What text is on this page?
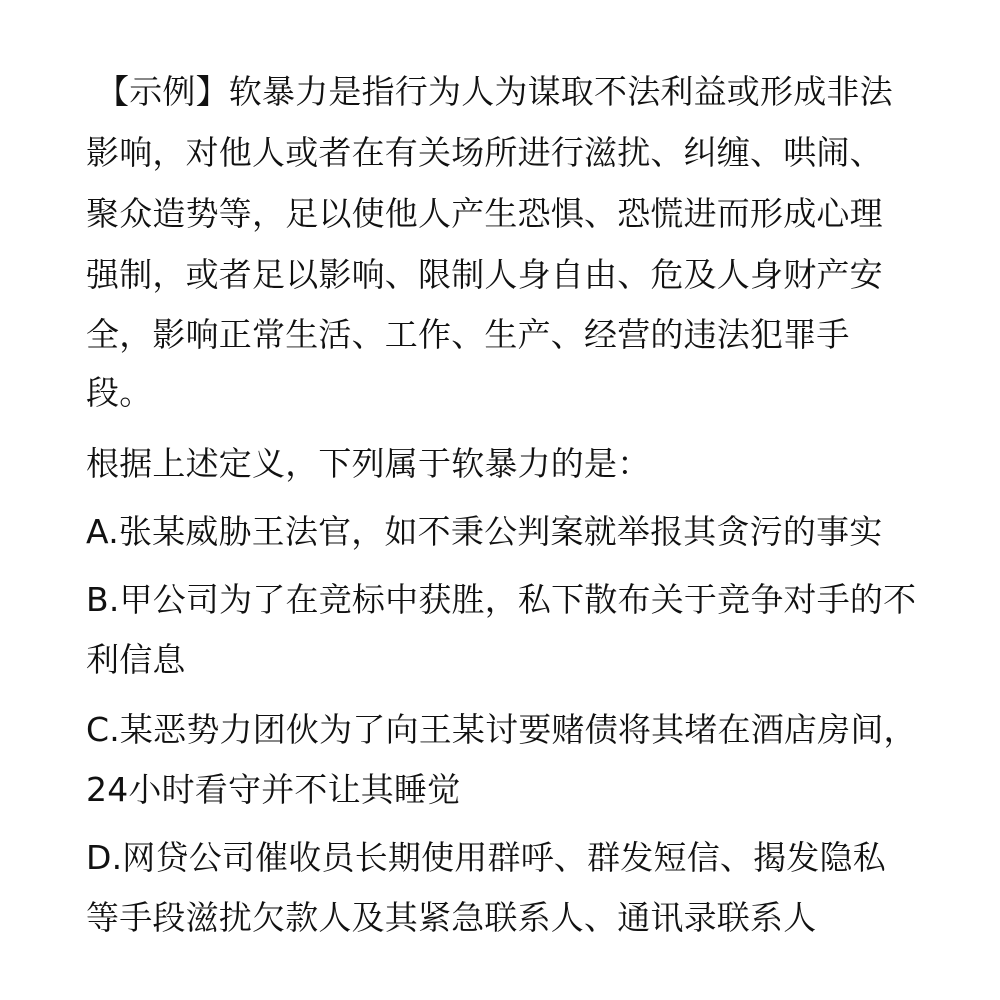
【示例】软暴力是指行为人为谋取不法利益或形成非法
影响，对他人或者在有关场所进行滋扰、纠缠、哄闹、
聚众造势等，足以使他人产生恐惧、恐慌进而形成心理
强制，或者足以影响、限制人身自由、危及人身财产安
全，影响正常生活、工作、生产、经营的违法犯罪手
段。
根据上述定义，下列属于软暴力的是：
A.张某威胁王法官，如不秉公判案就举报其贪污的事实
B.甲公司为了在竞标中获胜，私下散布关于竞争对手的不
利信息
C.某恶势力团伙为了向王某讨要赌债将其堵在酒店房间，
24小时看守并不让其睡觉
D.网贷公司催收员长期使用群呼、群发短信、揭发隐私
等手段滋扰欠款人及其紧急联系人、通讯录联系人
